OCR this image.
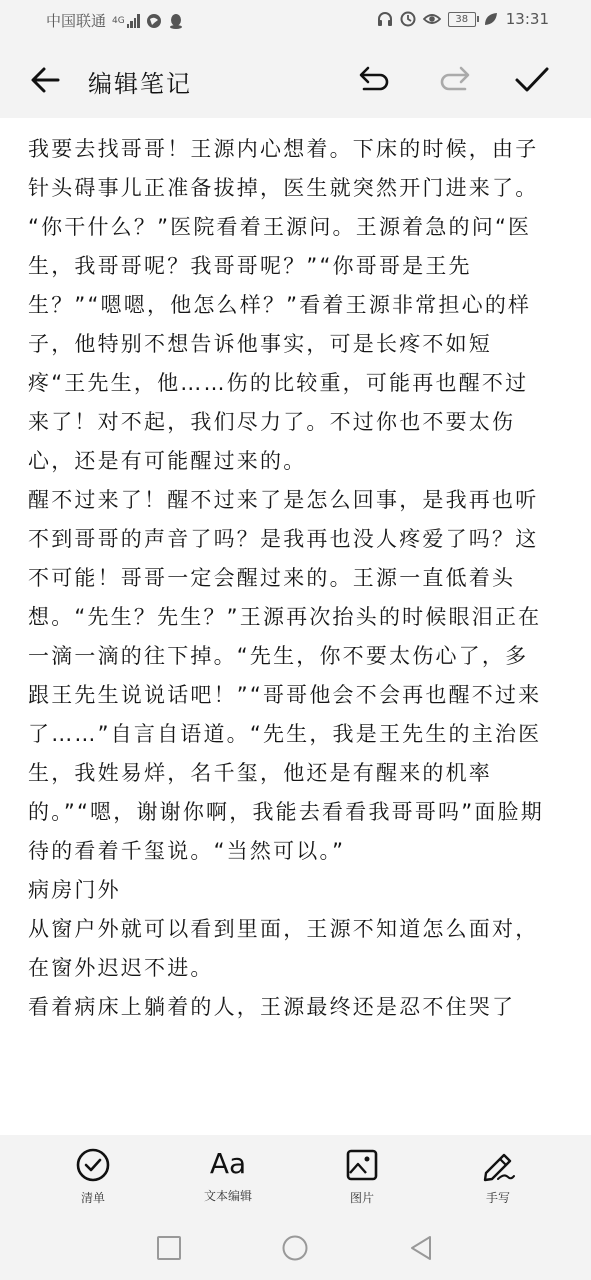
中国联通 4G	38	13:31
编辑笔记

我要去找哥哥！王源内心想着。下床的时候，由子针头碍事儿正准备拔掉，医生就突然开门进来了。

“你干什么？”医院看着王源问。王源着急的问“医生，我哥哥呢？我哥哥呢？”“你哥哥是王先生？”“嗯嗯，他怎么样？”看着王源非常担心的样子，他特别不想告诉他事实，可是长疼不如短疼“王先生，他……伤的比较重，可能再也醒不过来了！对不起，我们尽力了。不过你也不要太伤心，还是有可能醒过来的。

醒不过来了！醒不过来了是怎么回事，是我再也听不到哥哥的声音了吗？是我再也没人疼爱了吗？这不可能！哥哥一定会醒过来的。王源一直低着头想。“先生？先生？”王源再次抬头的时候眼泪正在一滴一滴的往下掉。“先生，你不要太伤心了，多跟王先生说说话吧！”“哥哥他会不会再也醒不过来了……”自言自语道。“先生，我是王先生的主治医生，我姓易烊，名千玺，他还是有醒来的机率的。”“嗯，谢谢你啊，我能去看看我哥哥吗”面脸期待的看着千玺说。“当然可以。”

病房门外

从窗户外就可以看到里面，王源不知道怎么面对，在窗外迟迟不进。

看着病床上躺着的人，王源最终还是忍不住哭了

清单
Aa
文本编辑	图片	手写
